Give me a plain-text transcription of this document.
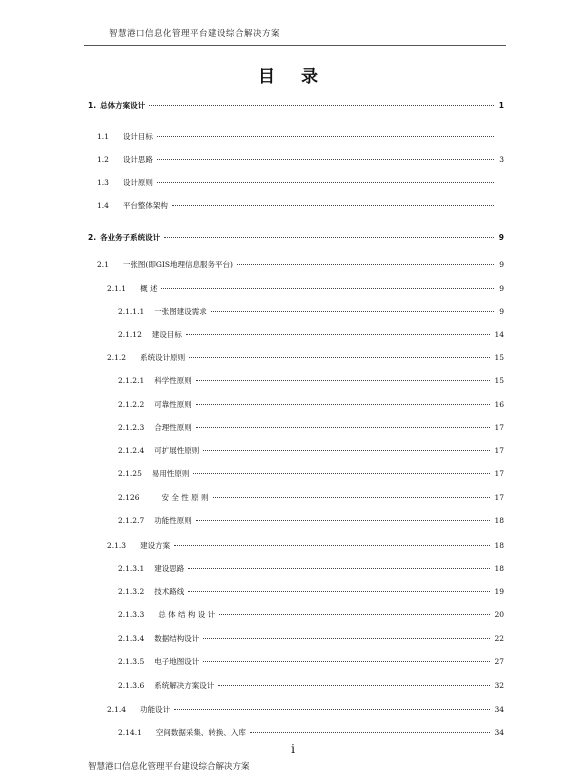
智慧港口信息化管理平台建设综合解决方案
目 录
1. 总体方案设计	1
1.1 设计目标
1.2 设计思路	3
1.3 设计原则
1.4 平台整体架构
2. 各业务子系统设计	9
2.1 一张图(即GIS地理信息服务平台)	9
2.1.1 概 述	9
2.1.1.1 一张图建设需求	9
2.1.12 建设目标	14
2.1.2 系统设计原则	15
2.1.2.1 科学性原则	15
2.1.2.2 可靠性原则	16
2.1.2.3 合理性原则	17
2.1.2.4 可扩展性原则	17
2.1.25 易用性原则	17
2.126	安 全 性 原 则	17
2.1.2.7 功能性原则	18
2.1.3 建设方案	18
2.1.3.1 建设思路	18
2.1.3.2 技术路线	19
2.1.3.3 总 体 结 构 设 计	20
2.1.3.4 数据结构设计	22
2.1.3.5 电子地图设计	27
2.1.3.6 系统解决方案设计	32
2.1.4 功能设计	34
2.14.1 空间数据采集、转换、入库	34
i
智慧港口信息化管理平台建设综合解决方案
